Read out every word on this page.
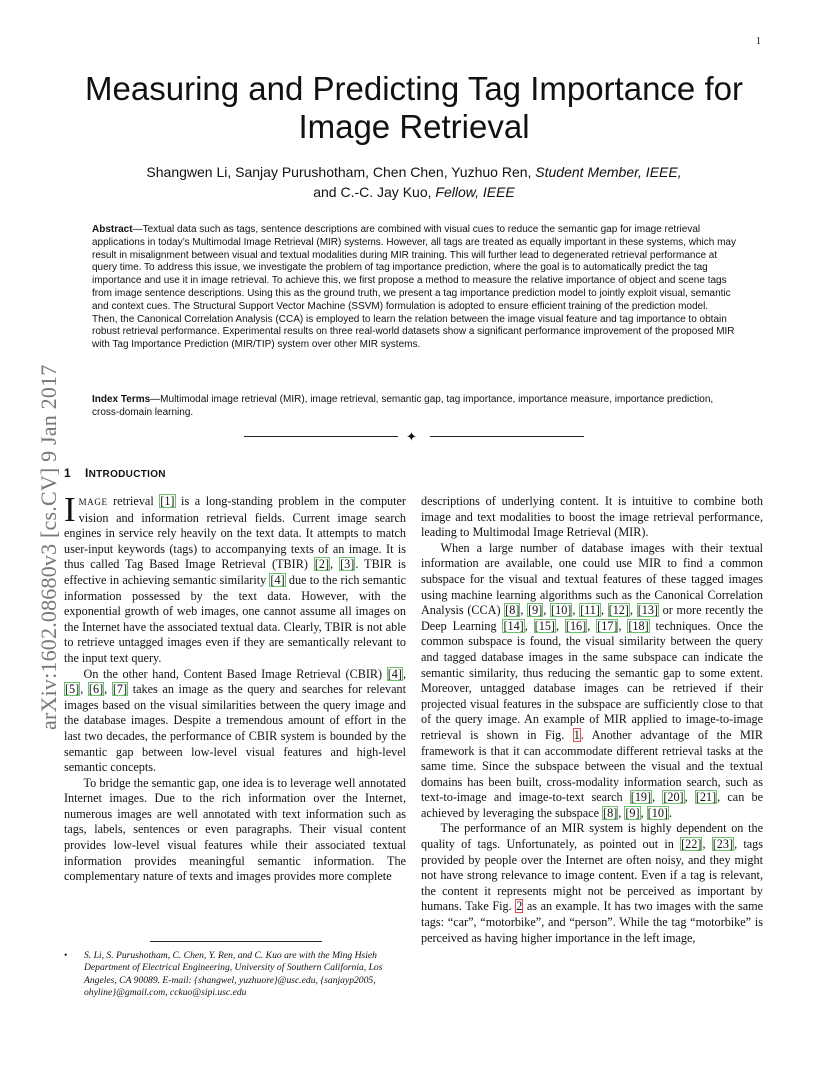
1
arXiv:1602.08680v3 [cs.CV] 9 Jan 2017
Measuring and Predicting Tag Importance for Image Retrieval
Shangwen Li, Sanjay Purushotham, Chen Chen, Yuzhuo Ren, Student Member, IEEE,
and C.-C. Jay Kuo, Fellow, IEEE
Abstract—Textual data such as tags, sentence descriptions are combined with visual cues to reduce the semantic gap for image retrieval applications in today’s Multimodal Image Retrieval (MIR) systems. However, all tags are treated as equally important in these systems, which may result in misalignment between visual and textual modalities during MIR training. This will further lead to degenerated retrieval performance at query time. To address this issue, we investigate the problem of tag importance prediction, where the goal is to automatically predict the tag importance and use it in image retrieval. To achieve this, we first propose a method to measure the relative importance of object and scene tags from image sentence descriptions. Using this as the ground truth, we present a tag importance prediction model to jointly exploit visual, semantic and context cues. The Structural Support Vector Machine (SSVM) formulation is adopted to ensure efficient training of the prediction model. Then, the Canonical Correlation Analysis (CCA) is employed to learn the relation between the image visual feature and tag importance to obtain robust retrieval performance. Experimental results on three real-world datasets show a significant performance improvement of the proposed MIR with Tag Importance Prediction (MIR/TIP) system over other MIR systems.
Index Terms—Multimodal image retrieval (MIR), image retrieval, semantic gap, tag importance, importance measure, importance prediction, cross-domain learning.
✦
1 INTRODUCTION

IMAGE retrieval [1] is a long-standing problem in the computer vision and information retrieval fields. Current image search engines in service rely heavily on the text data. It attempts to match user-input keywords (tags) to accompanying texts of an image. It is thus called Tag Based Image Retrieval (TBIR) [2], [3]. TBIR is effective in achieving semantic similarity [4] due to the rich semantic information possessed by the text data. However, with the exponential growth of web images, one cannot assume all images on the Internet have the associated textual data. Clearly, TBIR is not able to retrieve untagged images even if they are semantically relevant to the input text query.

On the other hand, Content Based Image Retrieval (CBIR) [4], [5], [6], [7] takes an image as the query and searches for relevant images based on the visual similarities between the query image and the database images. Despite a tremendous amount of effort in the last two decades, the performance of CBIR system is bounded by the semantic gap between low-level visual features and high-level semantic concepts.

To bridge the semantic gap, one idea is to leverage well annotated Internet images. Due to the rich information over the Internet, numerous images are well annotated with text information such as tags, labels, sentences or even paragraphs. Their visual content provides low-level visual features while their associated textual information provides meaningful semantic information. The complementary nature of texts and images provides more complete

descriptions of underlying content. It is intuitive to combine both image and text modalities to boost the image retrieval performance, leading to Multimodal Image Retrieval (MIR).

When a large number of database images with their textual information are available, one could use MIR to find a common subspace for the visual and textual features of these tagged images using machine learning algorithms such as the Canonical Correlation Analysis (CCA) [8], [9], [10], [11], [12], [13] or more recently the Deep Learning [14], [15], [16], [17], [18] techniques. Once the common subspace is found, the visual similarity between the query and tagged database images in the same subspace can indicate the semantic similarity, thus reducing the semantic gap to some extent. Moreover, untagged database images can be retrieved if their projected visual features in the subspace are sufficiently close to that of the query image. An example of MIR applied to image-to-image retrieval is shown in Fig. 1. Another advantage of the MIR framework is that it can accommodate different retrieval tasks at the same time. Since the subspace between the visual and the textual domains has been built, cross-modality information search, such as text-to-image and image-to-text search [19], [20], [21], can be achieved by leveraging the subspace [8], [9], [10].

The performance of an MIR system is highly dependent on the quality of tags. Unfortunately, as pointed out in [22], [23], tags provided by people over the Internet are often noisy, and they might not have strong relevance to image content. Even if a tag is relevant, the content it represents might not be perceived as important by humans. Take Fig. 2 as an example. It has two images with the same tags: “car”, “motorbike”, and “person”. While the tag “motorbike” is perceived as having higher importance in the left image,

• S. Li, S. Purushotham, C. Chen, Y. Ren, and C. Kuo are with the Ming Hsieh Department of Electrical Engineering, University of Southern California, Los Angeles, CA 90089. E-mail: {shangwel, yuzhuore}@usc.edu, {sanjayp2005, ohyline}@gmail.com, cckuo@sipi.usc.edu
